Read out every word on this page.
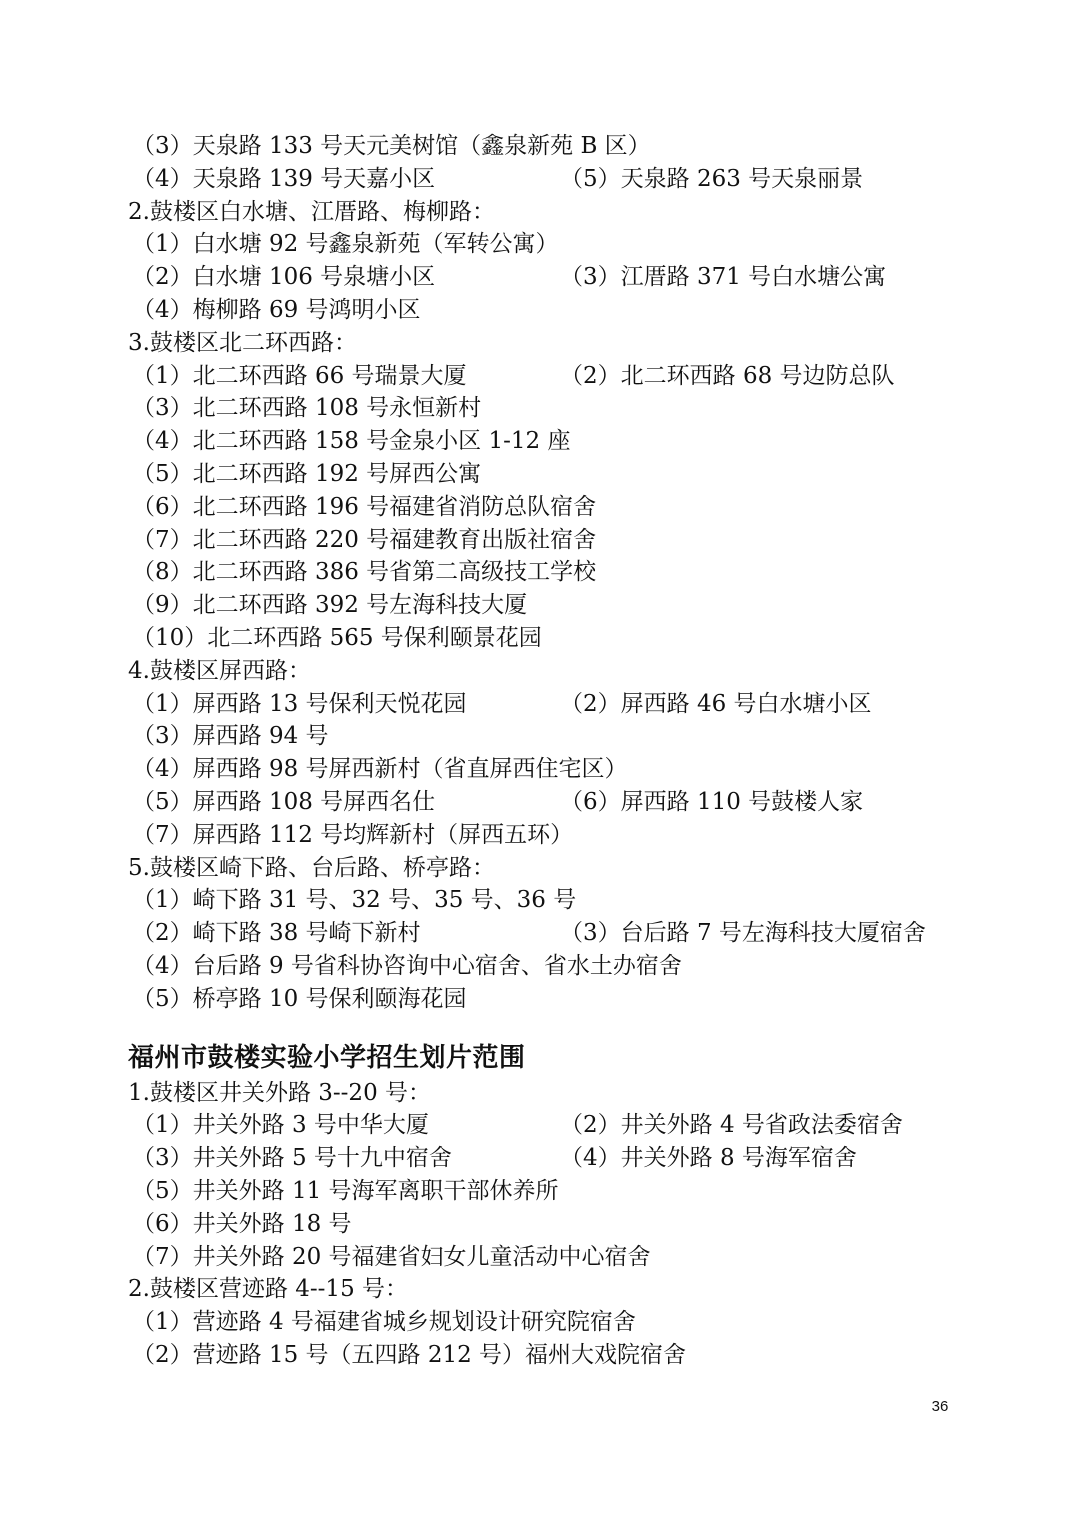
（3）天泉路 133 号天元美树馆（鑫泉新苑 B 区）
（4）天泉路 139 号天嘉小区	（5）天泉路 263 号天泉丽景
2.鼓楼区白水塘、江厝路、梅柳路：
（1）白水塘 92 号鑫泉新苑（军转公寓）
（2）白水塘 106 号泉塘小区	（3）江厝路 371 号白水塘公寓
（4）梅柳路 69 号鸿明小区
3.鼓楼区北二环西路：
（1）北二环西路 66 号瑞景大厦	（2）北二环西路 68 号边防总队
（3）北二环西路 108 号永恒新村
（4）北二环西路 158 号金泉小区 1-12 座
（5）北二环西路 192 号屏西公寓
（6）北二环西路 196 号福建省消防总队宿舍
（7）北二环西路 220 号福建教育出版社宿舍
（8）北二环西路 386 号省第二高级技工学校
（9）北二环西路 392 号左海科技大厦
（10）北二环西路 565 号保利颐景花园
4.鼓楼区屏西路：
（1）屏西路 13 号保利天悦花园	（2）屏西路 46 号白水塘小区
（3）屏西路 94 号
（4）屏西路 98 号屏西新村（省直屏西住宅区）
（5）屏西路 108 号屏西名仕	（6）屏西路 110 号鼓楼人家
（7）屏西路 112 号均辉新村（屏西五环）
5.鼓楼区崎下路、台后路、桥亭路：
（1）崎下路 31 号、32 号、35 号、36 号
（2）崎下路 38 号崎下新村	（3）台后路 7 号左海科技大厦宿舍
（4）台后路 9 号省科协咨询中心宿舍、省水土办宿舍
（5）桥亭路 10 号保利颐海花园
福州市鼓楼实验小学招生划片范围
1.鼓楼区井关外路 3--20 号：
（1）井关外路 3 号中华大厦	（2）井关外路 4 号省政法委宿舍
（3）井关外路 5 号十九中宿舍	（4）井关外路 8 号海军宿舍
（5）井关外路 11 号海军离职干部休养所
（6）井关外路 18 号
（7）井关外路 20 号福建省妇女儿童活动中心宿舍
2.鼓楼区营迹路 4--15 号：
（1）营迹路 4 号福建省城乡规划设计研究院宿舍
（2）营迹路 15 号（五四路 212 号）福州大戏院宿舍
36
